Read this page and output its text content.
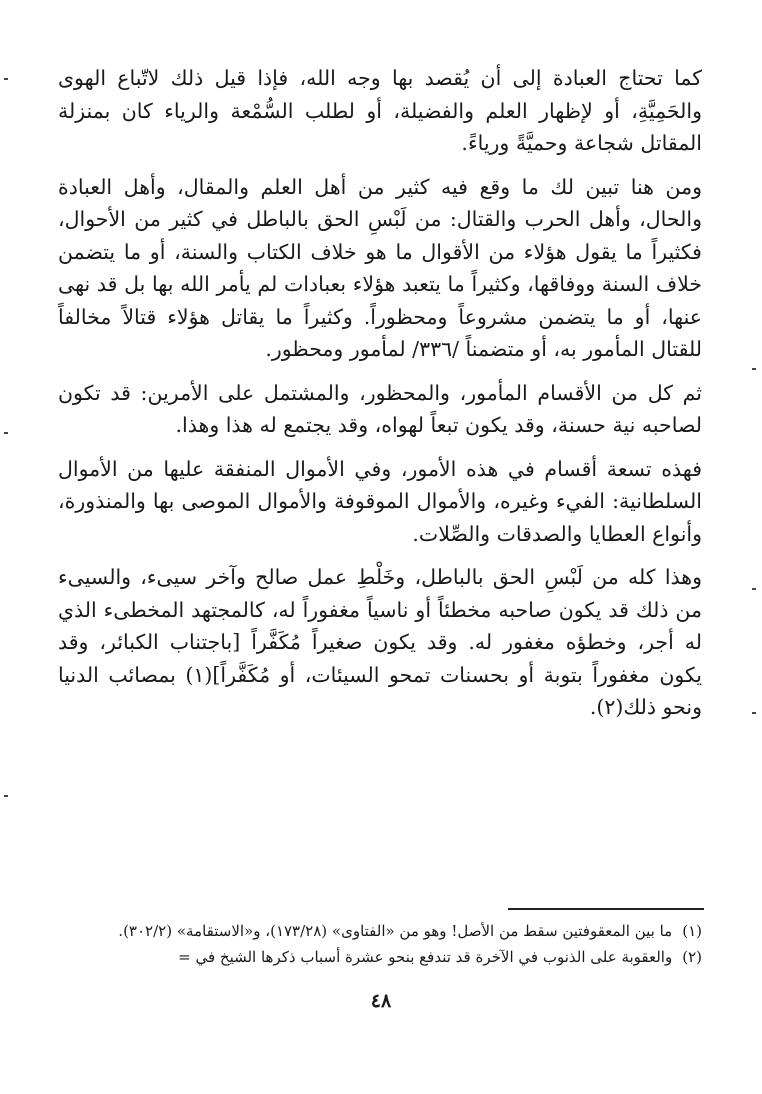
كما تحتاج العبادة إلى أن يُقصد بها وجه الله، فإذا قيل ذلك لاتّباع الهوى والحَمِيَّةِ، أو لإظهار العلم والفضيلة، أو لطلب السُّمْعة والرياء كان بمنزلة المقاتل شجاعة وحميَّةً ورياءً.

ومن هنا تبين لك ما وقع فيه كثير من أهل العلم والمقال، وأهل العبادة والحال، وأهل الحرب والقتال: من لَبْسِ الحق بالباطل في كثير من الأحوال، فكثيراً ما يقول هؤلاء من الأقوال ما هو خلاف الكتاب والسنة، أو ما يتضمن خلاف السنة ووفاقها، وكثيراً ما يتعبد هؤلاء بعبادات لم يأمر الله بها بل قد نهى عنها، أو ما يتضمن مشروعاً ومحظوراً. وكثيراً ما يقاتل هؤلاء قتالاً مخالفاً للقتال المأمور به، أو متضمناً /٣٣٦/ لمأمور ومحظور.

ثم كل من الأقسام المأمور، والمحظور، والمشتمل على الأمرين: قد تكون لصاحبه نية حسنة، وقد يكون تبعاً لهواه، وقد يجتمع له هذا وهذا.

فهذه تسعة أقسام في هذه الأمور، وفي الأموال المنفقة عليها من الأموال السلطانية: الفيء وغيره، والأموال الموقوفة والأموال الموصى بها والمنذورة، وأنواع العطايا والصدقات والصِّلات.

وهذا كله من لَبْسِ الحق بالباطل، وخَلْطِ عمل صالح وآخر سيىء، والسيىء من ذلك قد يكون صاحبه مخطئاً أو ناسياً مغفوراً له، كالمجتهد المخطىء الذي له أجر، وخطؤه مغفور له. وقد يكون صغيراً مُكَفَّراً [باجتناب الكبائر، وقد يكون مغفوراً بتوبة أو بحسنات تمحو السيئات، أو مُكَفَّراً](١) بمصائب الدنيا ونحو ذلك(٢).

(١)ما بين المعقوفتين سقط من الأصل! وهو من «الفتاوى» (١٧٣/٢٨)، و«الاستقامة» (٣٠٢/٢).
(٢)والعقوبة على الذنوب في الآخرة قد تندفع بنحو عشرة أسباب ذكرها الشيخ في =
٤٨
